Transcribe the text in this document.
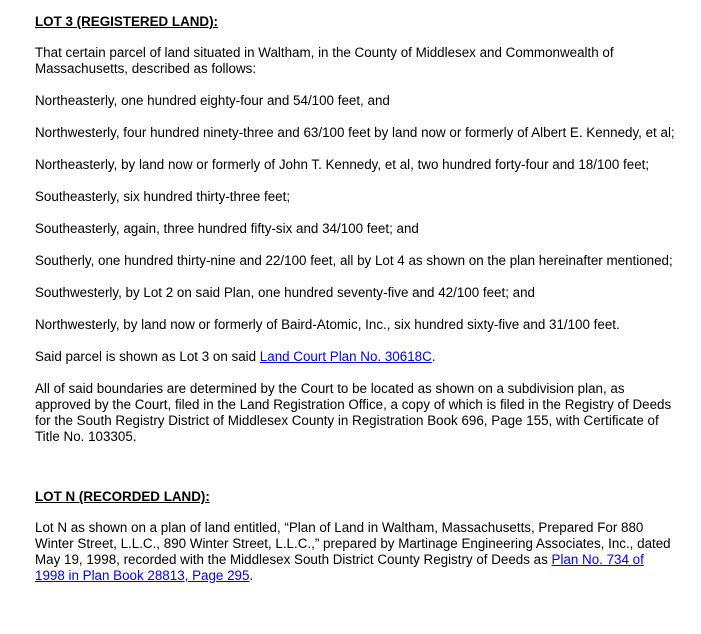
LOT 3 (REGISTERED LAND):

That certain parcel of land situated in Waltham, in the County of Middlesex and Commonwealth of Massachusetts, described as follows:

Northeasterly, one hundred eighty-four and 54/100 feet, and

Northwesterly, four hundred ninety-three and 63/100 feet by land now or formerly of Albert E. Kennedy, et al;

Northeasterly, by land now or formerly of John T. Kennedy, et al, two hundred forty-four and 18/100 feet;

Southeasterly, six hundred thirty-three feet;

Southeasterly, again, three hundred fifty-six and 34/100 feet; and

Southerly, one hundred thirty-nine and 22/100 feet, all by Lot 4 as shown on the plan hereinafter mentioned;

Southwesterly, by Lot 2 on said Plan, one hundred seventy-five and 42/100 feet; and

Northwesterly, by land now or formerly of Baird-Atomic, Inc., six hundred sixty-five and 31/100 feet.

Said parcel is shown as Lot 3 on said Land Court Plan No. 30618C.

All of said boundaries are determined by the Court to be located as shown on a subdivision plan, as approved by the Court, filed in the Land Registration Office, a copy of which is filed in the Registry of Deeds for the South Registry District of Middlesex County in Registration Book 696, Page 155, with Certificate of Title No. 103305.

LOT N (RECORDED LAND):

Lot N as shown on a plan of land entitled, “Plan of Land in Waltham, Massachusetts, Prepared For 880 Winter Street, L.L.C., 890 Winter Street, L.L.C.,” prepared by Martinage Engineering Associates, Inc., dated May 19, 1998, recorded with the Middlesex South District County Registry of Deeds as Plan No. 734 of 1998 in Plan Book 28813, Page 295.
